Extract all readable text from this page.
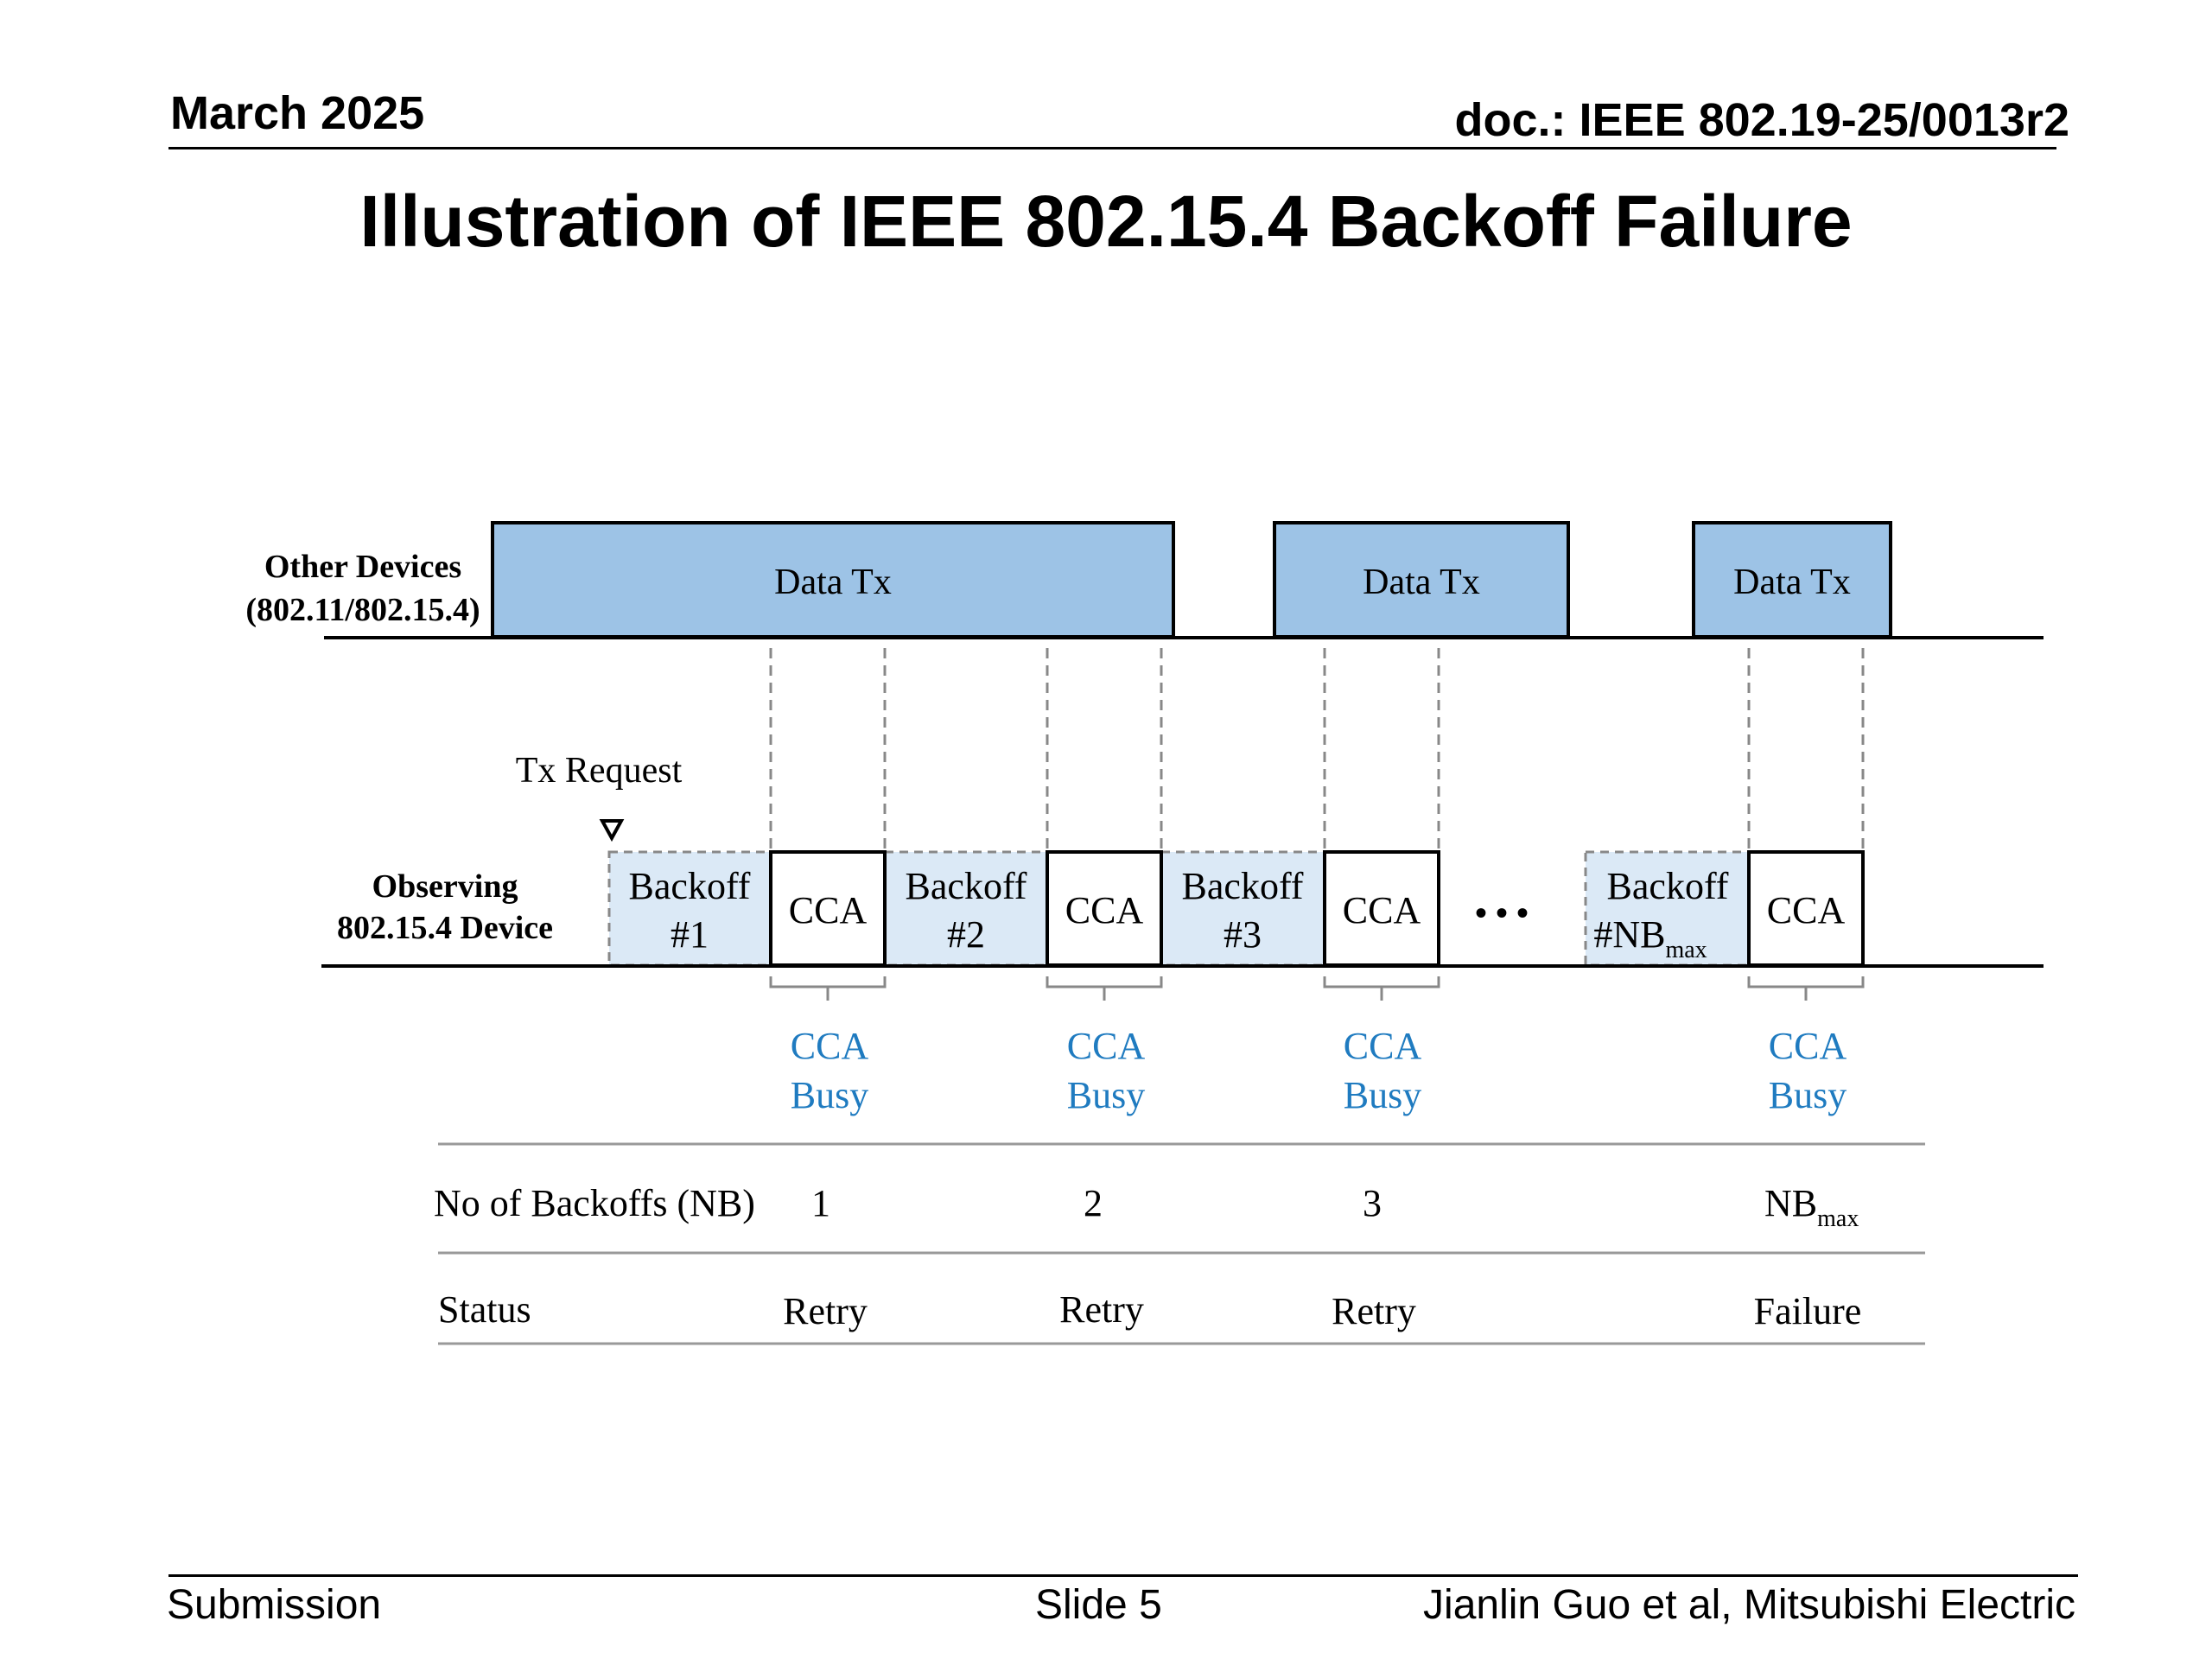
March 2025	doc.: IEEE 802.19-25/0013r2
Illustration of IEEE 802.15.4 Backoff Failure
Other Devices
(802.11/802.15.4)
Data Tx	Data Tx	Data Tx
Tx Request
Observing
802.15.4 Device
Backoff
#1
Backoff
#2
Backoff
#3
Backoff
$\#NB_{max}$
CCA	CCA	CCA	CCA
• • •
CCA
Busy
CCA
Busy
CCA
Busy
CCA
Busy
No of Backoffs (NB) 1	2	3	$NB_{max}$
Status	Retry	Retry	Retry	Failure
Submission	Slide 5	Jianlin Guo et al, Mitsubishi Electric
